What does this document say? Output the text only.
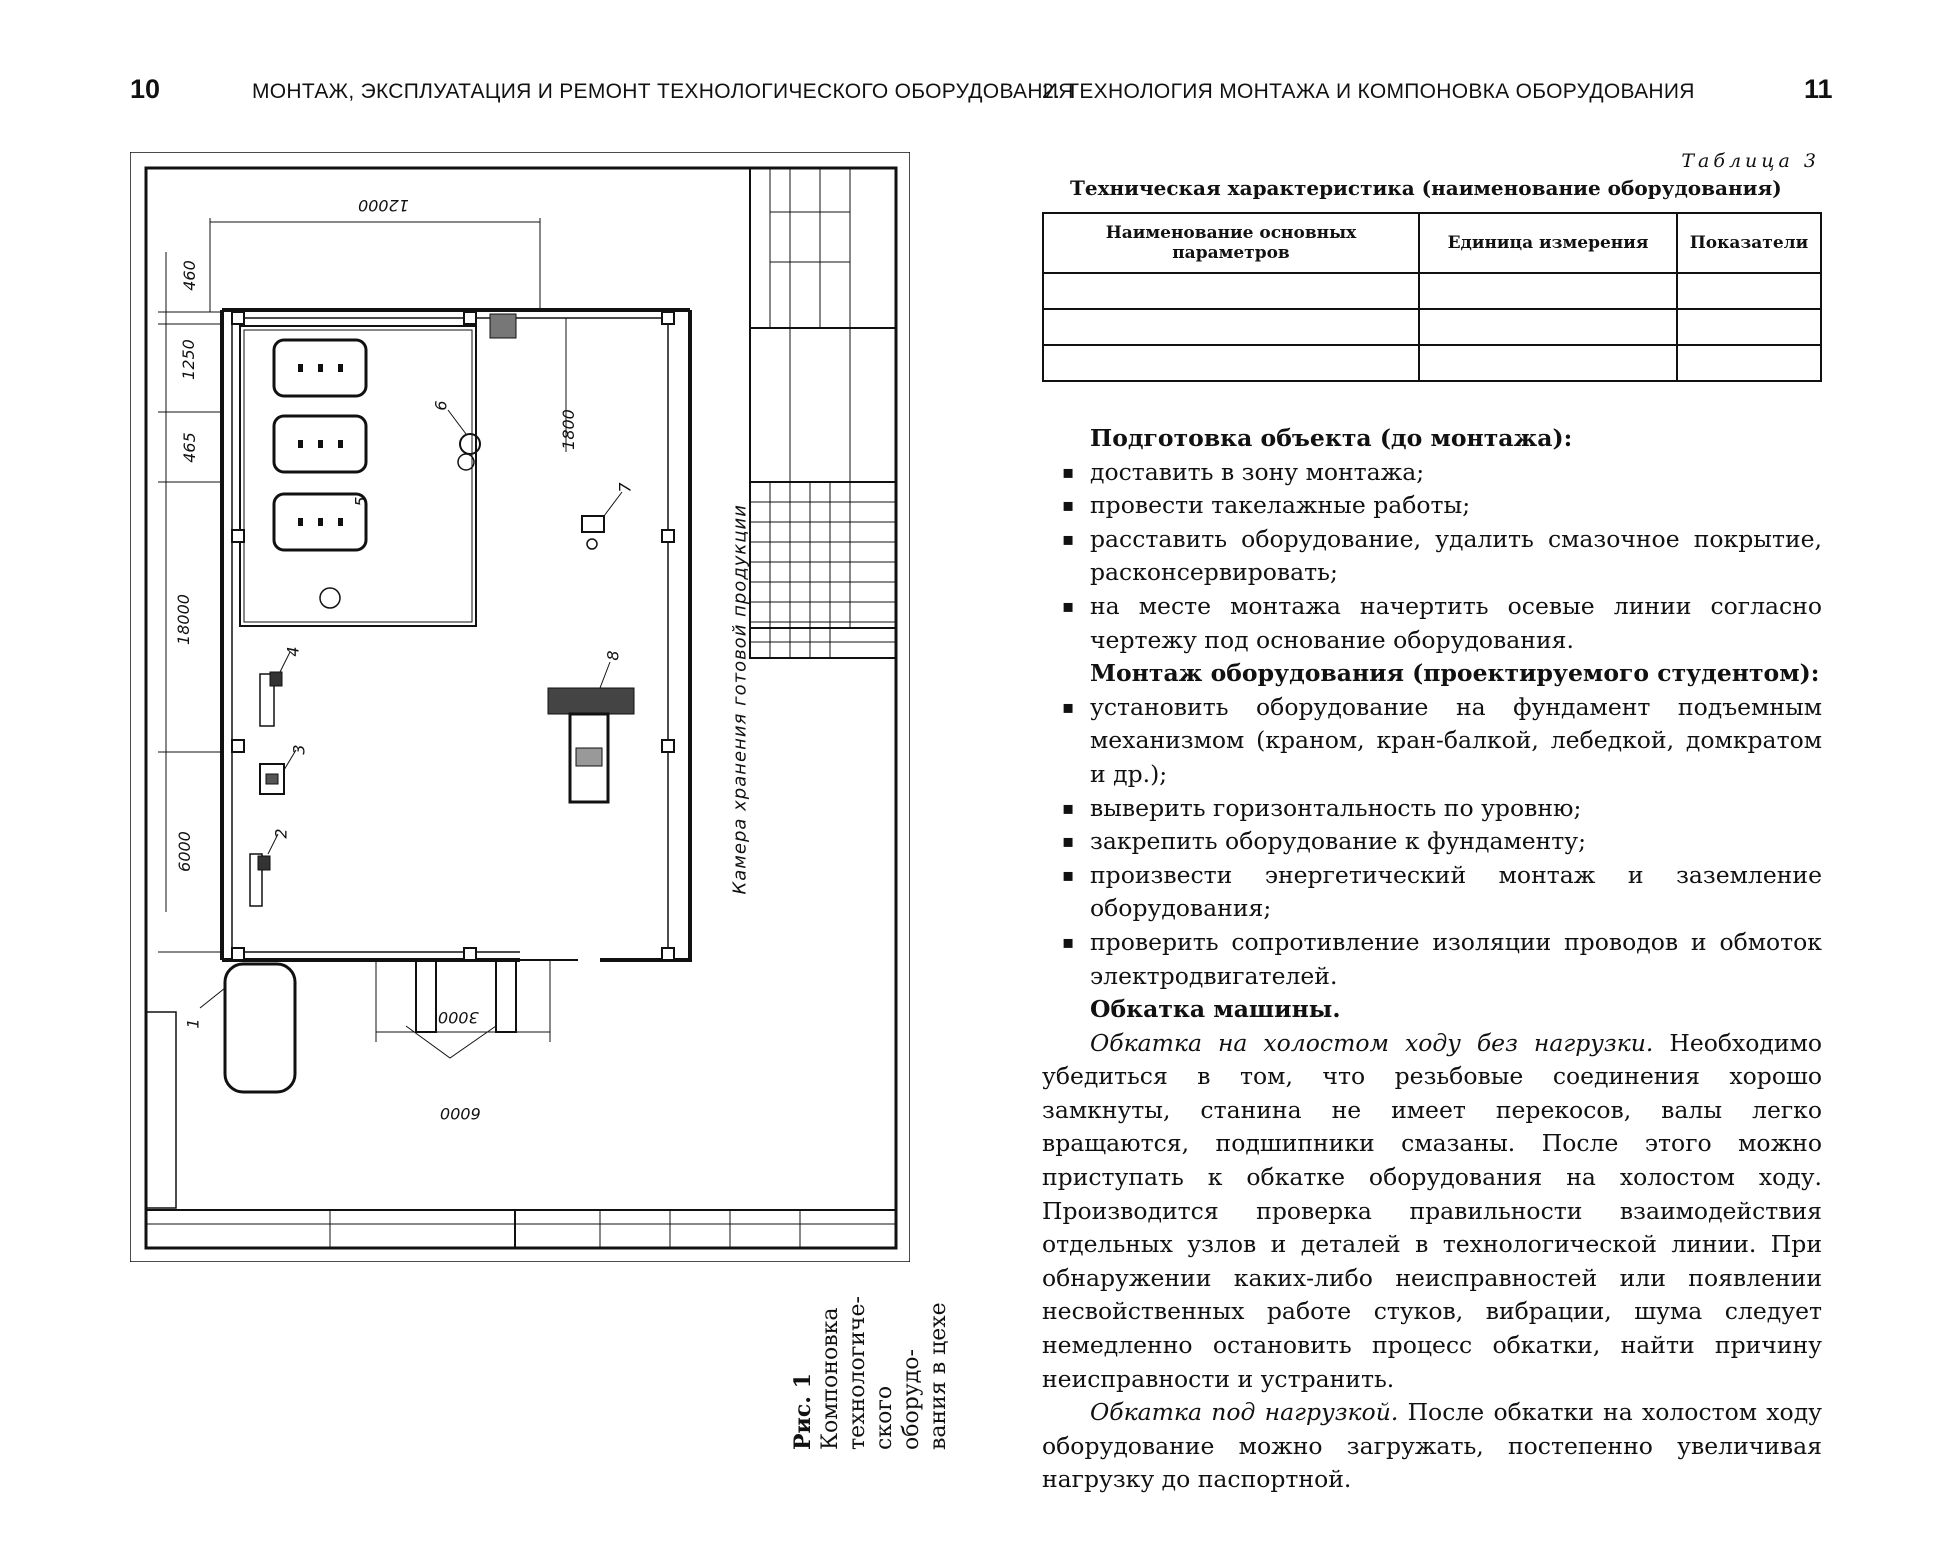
10	МОНТАЖ, ЭКСПЛУАТАЦИЯ И РЕМОНТ ТЕХНОЛОГИЧЕСКОГО ОБОРУДОВАНИЯ
12000
460
1250
465
18000
6000
1800
3000
6000
Камера хранения готовой продукции
1
2
3
4
5
6
7
8
Рис. 1 Компоновка
технологиче-
ского оборудо-
вания в цехе
2. ТЕХНОЛОГИЯ МОНТАЖА И КОМПОНОВКА ОБОРУДОВАНИЯ	11
Таблица 3
Техническая характеристика (наименование оборудования)
Наименование основных параметров	Единица измерения	Показатели

Подготовка объекта (до монтажа):
▪ доставить в зону монтажа;
▪ провести такелажные работы;
▪ расставить оборудование, удалить смазочное покрытие, расконсервировать;
▪ на месте монтажа начертить осевые линии согласно чертежу под основание оборудования.
Монтаж оборудования (проектируемого студентом):
▪ установить оборудование на фундамент подъемным механизмом (краном, кран-балкой, лебедкой, домкратом и др.);
▪ выверить горизонтальность по уровню;
▪ закрепить оборудование к фундаменту;
▪ произвести энергетический монтаж и заземление оборудования;
▪ проверить сопротивление изоляции проводов и обмоток электродвигателей.
Обкатка машины.

Обкатка на холостом ходу без нагрузки. Необходимо убедиться в том, что резьбовые соединения хорошо замкнуты, станина не имеет перекосов, валы легко вращаются, подшипники смазаны. После этого можно приступать к обкатке оборудования на холостом ходу. Производится проверка правильности взаимодействия отдельных узлов и деталей в технологической линии. При обнаружении каких-либо неисправностей или появлении несвойственных работе стуков, вибрации, шума следует немедленно остановить процесс обкатки, найти причину неисправности и устранить.

Обкатка под нагрузкой. После обкатки на холостом ходу оборудование можно загружать, постепенно увеличивая нагрузку до паспортной.
